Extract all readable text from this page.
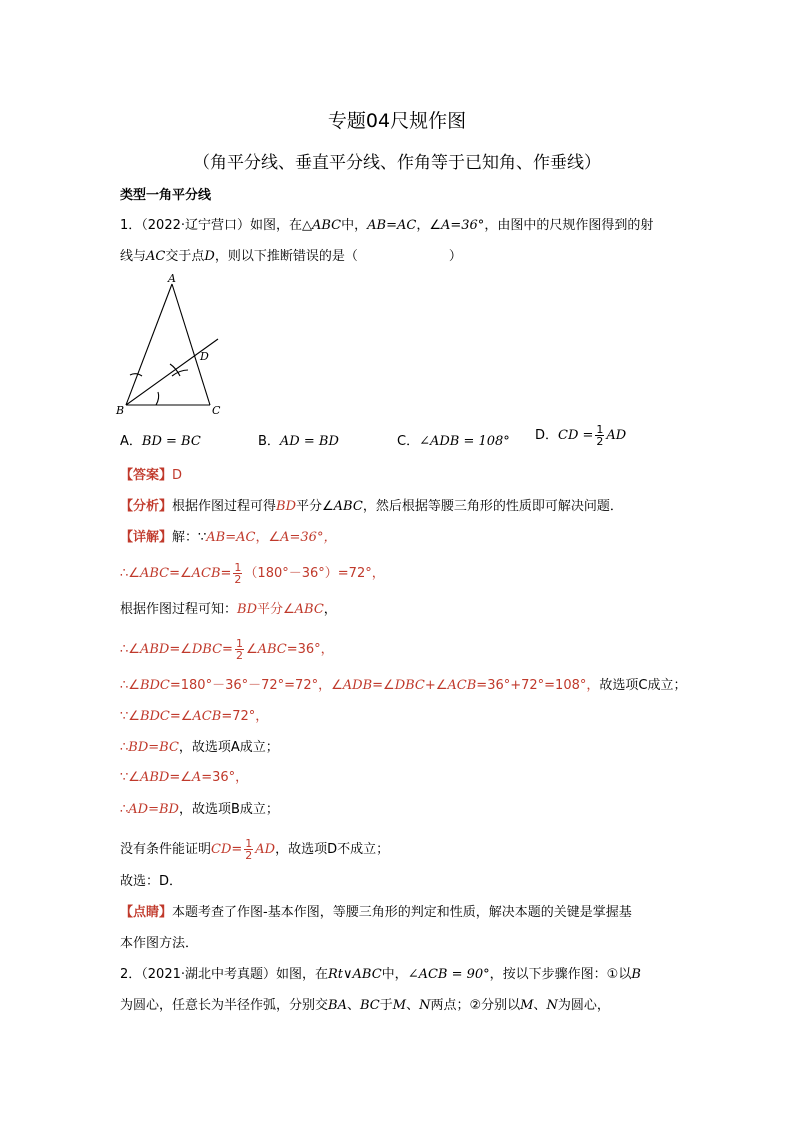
专题04尺规作图
（角平分线、垂直平分线、作角等于已知角、作垂线）
类型一角平分线
1．（2022·辽宁营口）如图，在△ABC中，AB=AC，∠A=36°，由图中的尺规作图得到的射
线与AC交于点D，则以下推断错误的是（　　　　　　　）
A
B	C
D
A．BD = BC	B．AD = BD	C．∠ADB = 108° D．CD = $\frac{1}{2}$ AD
【答案】D
【分析】根据作图过程可得BD平分∠ABC，然后根据等腰三角形的性质即可解决问题．
【详解】解：∵AB=AC，∠A=36°，
∴∠ABC=∠ACB= $\frac{1}{2} (180^\circ-36^\circ)=72^\circ$，
根据作图过程可知：BD平分∠ABC，
∴∠ABD=∠DBC= $\frac{1}{2}$ ∠ABC=36°，
∴∠BDC=180°－36°－72°=72°，∠ADB=∠DBC+∠ACB=36°+72°=108°，故选项C成立；
∵∠BDC=∠ACB=72°，
∴BD=BC，故选项A成立；
∵∠ABD=∠A=36°，
∴AD=BD，故选项B成立；
没有条件能证明$CD= \frac{1}{2}$ AD，故选项D不成立；
故选：D．
【点睛】本题考查了作图-基本作图，等腰三角形的判定和性质，解决本题的关键是掌握基
本作图方法．
2．（2021·湖北中考真题）如图，在Rt∨ABC中，∠ACB = 90°，按以下步骤作图：①以B
为圆心，任意长为半径作弧，分别交BA、BC于M、N两点；②分别以M、N为圆心，
